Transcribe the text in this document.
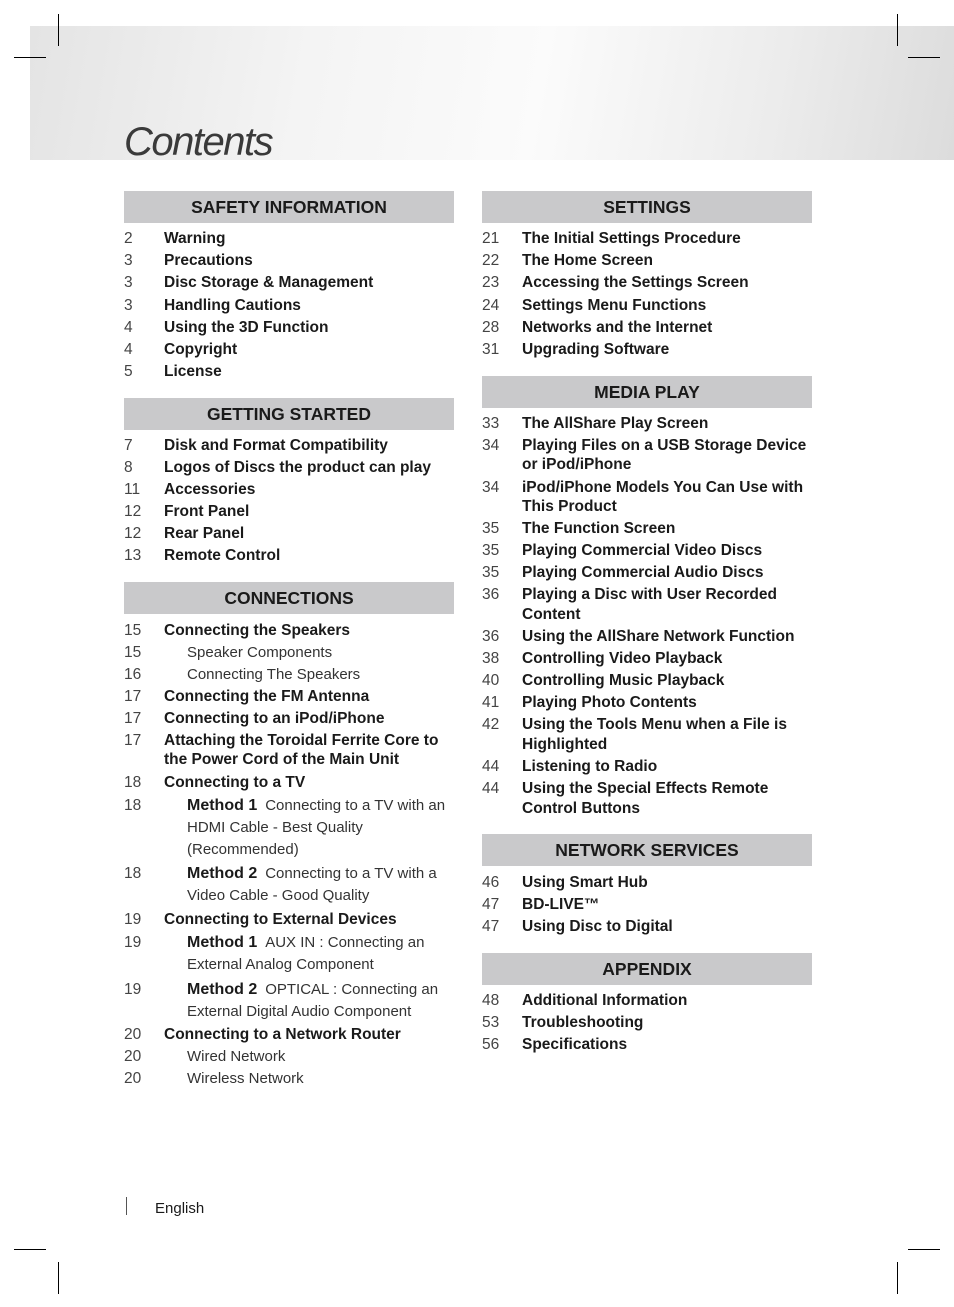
Contents
SAFETY INFORMATION
2	Warning
3	Precautions
3	Disc Storage & Management
3	Handling Cautions
4	Using the 3D Function
4	Copyright
5	License
GETTING STARTED
7	Disk and Format Compatibility
8	Logos of Discs the product can play
11	Accessories
12	Front Panel
12	Rear Panel
13	Remote Control
CONNECTIONS
15	Connecting the Speakers
15	Speaker Components
16	Connecting The Speakers
17	Connecting the FM Antenna
17	Connecting to an iPod/iPhone
17	Attaching the Toroidal Ferrite Core to the Power Cord of the Main Unit
18	Connecting to a TV
18	Method 1 Connecting to a TV with an HDMI Cable - Best Quality (Recommended)
18	Method 2 Connecting to a TV with a Video Cable - Good Quality
19	Connecting to External Devices
19	Method 1 AUX IN : Connecting an External Analog Component
19	Method 2 OPTICAL : Connecting an External Digital Audio Component
20	Connecting to a Network Router
20	Wired Network
20	Wireless Network
SETTINGS
21	The Initial Settings Procedure
22	The Home Screen
23	Accessing the Settings Screen
24	Settings Menu Functions
28	Networks and the Internet
31	Upgrading Software
MEDIA PLAY
33	The AllShare Play Screen
34	Playing Files on a USB Storage Device or iPod/iPhone
34	iPod/iPhone Models You Can Use with This Product
35	The Function Screen
35	Playing Commercial Video Discs
35	Playing Commercial Audio Discs
36	Playing a Disc with User Recorded Content
36	Using the AllShare Network Function
38	Controlling Video Playback
40	Controlling Music Playback
41	Playing Photo Contents
42	Using the Tools Menu when a File is Highlighted
44	Listening to Radio
44	Using the Special Effects Remote Control Buttons
NETWORK SERVICES
46	Using Smart Hub
47	BD-LIVE™
47	Using Disc to Digital
APPENDIX
48	Additional Information
53	Troubleshooting
56	Specifications
English
